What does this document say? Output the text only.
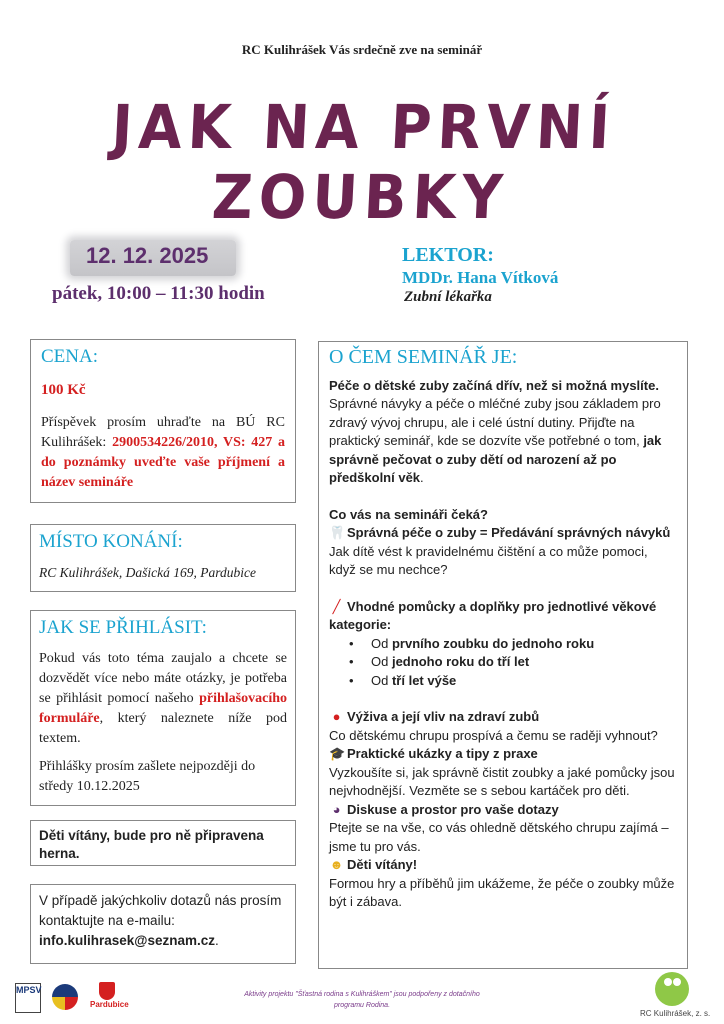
RC Kulihrášek Vás srdečně zve na seminář
JAK NA PRVNÍ ZOUBKY
12. 12. 2025
pátek, 10:00 – 11:30 hodin
LEKTOR:
MDDr. Hana Vítková
Zubní lékařka
CENA:
100 Kč
Příspěvek prosím uhraďte na BÚ RC Kulihrášek: 2900534226/2010, VS: 427 a do poznámky uveďte vaše příjmení a název semináře
MÍSTO KONÁNÍ:
RC Kulihrášek, Dašická 169, Pardubice
JAK SE PŘIHLÁSIT:
Pokud vás toto téma zaujalo a chcete se dozvědět více nebo máte otázky, je potřeba se přihlásit pomocí našeho přihlašovacího formuláře, který naleznete níže pod textem.
Přihlášky prosím zašlete nejpozději do středy 10.12.2025
Děti vítány, bude pro ně připravena herna.
V případě jakýchkoliv dotazů nás prosím kontaktujte na e-mailu: info.kulihrasek@seznam.cz.
O ČEM SEMINÁŘ JE:
Péče o dětské zuby začíná dřív, než si možná myslíte. Správné návyky a péče o mléčné zuby jsou základem pro zdravý vývoj chrupu, ale i celé ústní dutiny. Přijďte na praktický seminář, kde se dozvíte vše potřebné o tom, jak správně pečovat o zuby dětí od narození až po předškolní věk.
Co vás na semináři čeká?
🦷 Správná péče o zuby = Předávání správných návyků
Jak dítě vést k pravidelnému čištění a co může pomoci, když se mu nechce?
╱ Vhodné pomůcky a doplňky pro jednotlivé věkové kategorie:
• Od prvního zoubku do jednoho roku
• Od jednoho roku do tří let
• Od tří let výše
● Výživa a její vliv na zdraví zubů
Co dětskému chrupu prospívá a čemu se raději vyhnout?
🎓 Praktické ukázky a tipy z praxe
Vyzkoušíte si, jak správně čistit zoubky a jaké pomůcky jsou nejvhodnější. Vezměte se s sebou kartáček pro děti.
◕ Diskuse a prostor pro vaše dotazy
Ptejte se na vše, co vás ohledně dětského chrupu zajímá – jsme tu pro vás.
☻ Děti vítány!
Formou hry a příběhů jim ukážeme, že péče o zoubky může být i zábava.
MPSV
Pardubice
Aktivity projektu "Šťastná rodina s Kulihráškem" jsou podpořeny z dotačního programu Rodina.
RC Kulihrášek, z. s.
